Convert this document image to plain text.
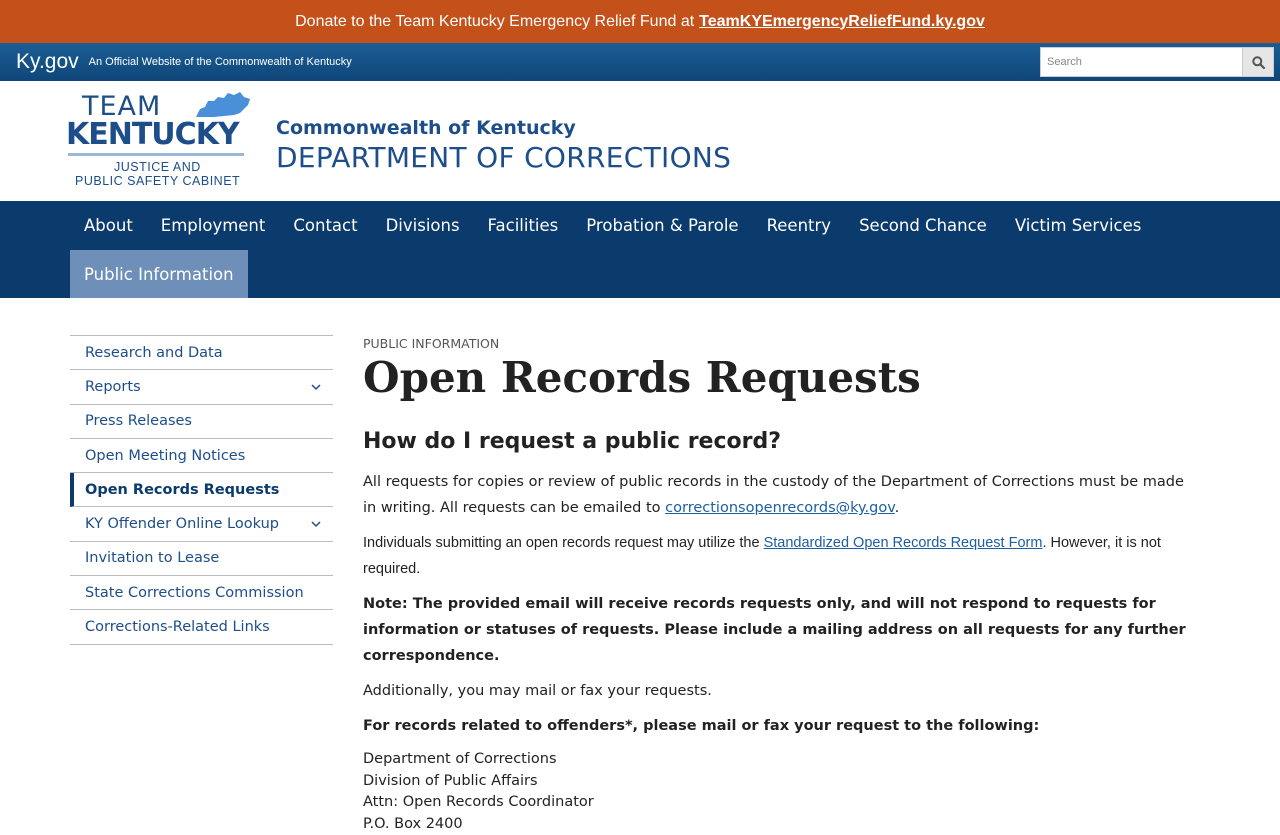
Donate to the Team Kentucky Emergency Relief Fund at TeamKYEmergencyReliefFund.ky.gov
Ky.gov An Official Website of the Commonwealth of Kentucky
Search
TEAM
KENTUCKY
JUSTICE AND
PUBLIC SAFETY CABINET
Commonwealth of Kentucky
DEPARTMENT OF CORRECTIONS
About	Employment	Contact	Divisions	Facilities	Probation & Parole	Reentry	Second Chance	Victim Services
Public Information
Research and Data
Reports
Press Releases
Open Meeting Notices
Open Records Requests
KY Offender Online Lookup
Invitation to Lease
State Corrections Commission
Corrections-Related Links
PUBLIC INFORMATION
Open Records Requests
How do I request a public record?

All requests for copies or review of public records in the custody of the Department of Corrections must be made in writing. All requests can be emailed to correctionsopenrecords@ky.gov.

Individuals submitting an open records request may utilize the Standardized Open Records Request Form. However, it is not required.

Note: The provided email will receive records requests only, and will not respond to requests for information or statuses of requests. Please include a mailing address on all requests for any further correspondence.

Additionally, you may mail or fax your requests.

For records related to offenders*, please mail or fax your request to the following:

Department of Corrections
Division of Public Affairs
Attn: Open Records Coordinator
P.O. Box 2400
